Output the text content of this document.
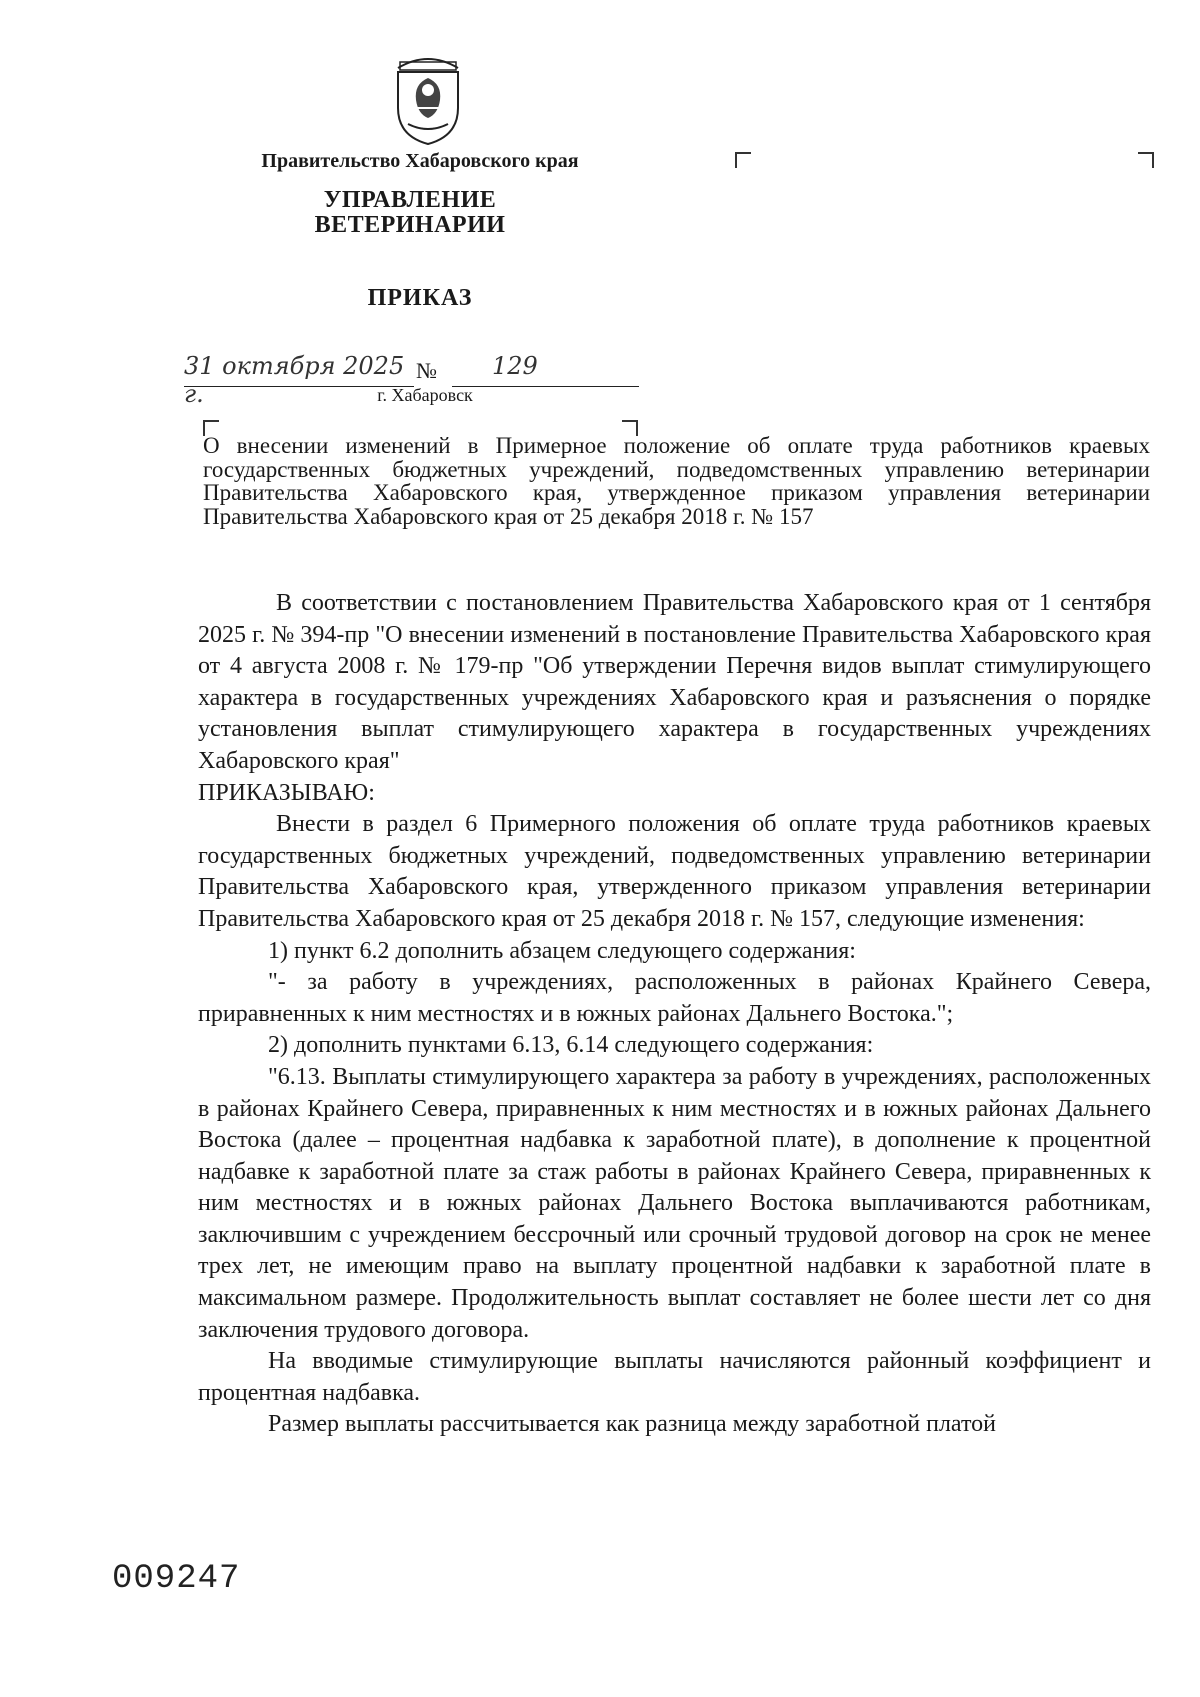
Правительство Хабаровского края
УПРАВЛЕНИЕ
ВЕТЕРИНАРИИ
ПРИКАЗ
31 октября 2025 г.
№	129
г. Хабаровск
О внесении изменений в Примерное положение об оплате труда работников краевых государственных бюджетных учреждений, подведомственных управлению ветеринарии Правительства Хабаровского края, утвержденное приказом управления ветеринарии Правительства Хабаровского края от 25 декабря 2018 г. № 157

В соответствии с постановлением Правительства Хабаровского края от 1 сентября 2025 г. № 394-пр "О внесении изменений в постановление Правительства Хабаровского края от 4 августа 2008 г. № 179-пр "Об утверждении Перечня видов выплат стимулирующего характера в государственных учреждениях Хабаровского края и разъяснения о порядке установления выплат стимулирующего характера в государственных учреждениях Хабаровского края"

ПРИКАЗЫВАЮ:

Внести в раздел 6 Примерного положения об оплате труда работников краевых государственных бюджетных учреждений, подведомственных управлению ветеринарии Правительства Хабаровского края, утвержденного приказом управления ветеринарии Правительства Хабаровского края от 25 декабря 2018 г. № 157, следующие изменения:

1) пункт 6.2 дополнить абзацем следующего содержания:

"- за работу в учреждениях, расположенных в районах Крайнего Севера, приравненных к ним местностях и в южных районах Дальнего Востока.";

2) дополнить пунктами 6.13, 6.14 следующего содержания:

"6.13. Выплаты стимулирующего характера за работу в учреждениях, расположенных в районах Крайнего Севера, приравненных к ним местностях и в южных районах Дальнего Востока (далее – процентная надбавка к заработной плате), в дополнение к процентной надбавке к заработной плате за стаж работы в районах Крайнего Севера, приравненных к ним местностях и в южных районах Дальнего Востока выплачиваются работникам, заключившим с учреждением бессрочный или срочный трудовой договор на срок не менее трех лет, не имеющим право на выплату процентной надбавки к заработной плате в максимальном размере. Продолжительность выплат составляет не более шести лет со дня заключения трудового договора.

На вводимые стимулирующие выплаты начисляются районный коэффициент и процентная надбавка.

Размер выплаты рассчитывается как разница между заработной платой

009247
